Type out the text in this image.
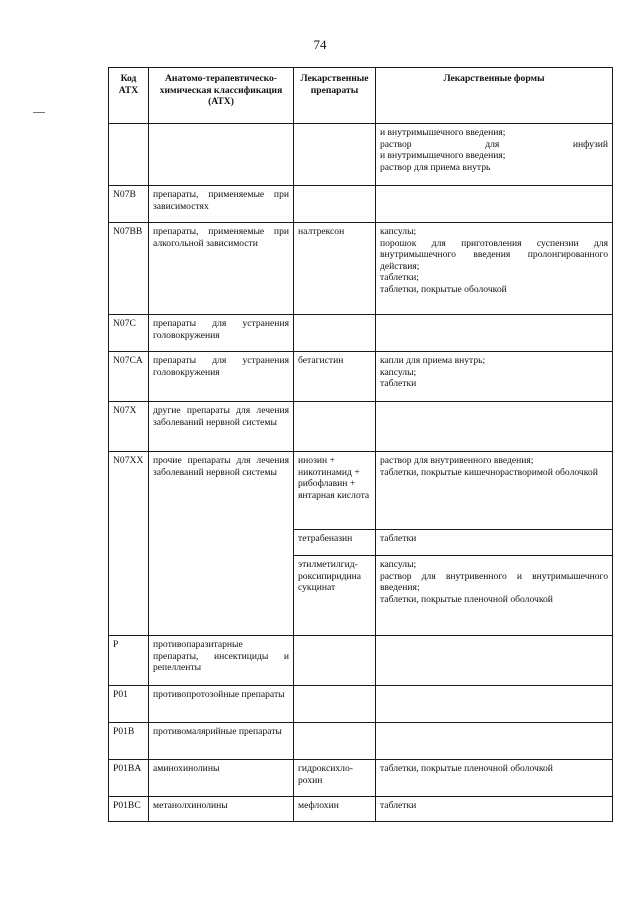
74
Код АТХ	Анатомо-терапевтическо-химическая классификация (АТХ)	Лекарственные препараты	Лекарственные формы

			и внутримышечного введения;
раствор для инфузий
и внутримышечного введения;
раствор для приема внутрь

N07B	препараты, применяемые при зависимостях		
N07BB	препараты, применяемые при алкогольной зависимости	налтрексон	капсулы;
порошок для приготовления суспензии для внутримышечного введения пролонгированного действия;
таблетки;
таблетки, покрытые оболочкой

N07C	препараты для устранения головокружения		
N07CA	препараты для устранения головокружения	бетагистин	капли для приема внутрь;
капсулы;
таблетки

N07X	другие препараты для лечения заболеваний нервной системы		
N07XX	прочие препараты для лечения заболеваний нервной системы	инозин +
никотинамид +
рибофлавин +
янтарная кислота	раствор для внутривенного введения;
таблетки, покрытые кишечнорастворимой оболочкой

		тетрабеназин	таблетки

		этилметилгид-
роксипиридина
сукцинат	капсулы;
раствор для внутривенного и внутримышечного введения;
таблетки, покрытые пленочной оболочкой

P	противопаразитарные препараты, инсектициды и репелленты		
P01	противопротозойные препараты		
P01B	противомалярийные препараты		
P01BA	аминохинолины	гидроксихло-рохин	таблетки, покрытые пленочной оболочкой

P01BC	метанолхинолины	мефлохин	таблетки
